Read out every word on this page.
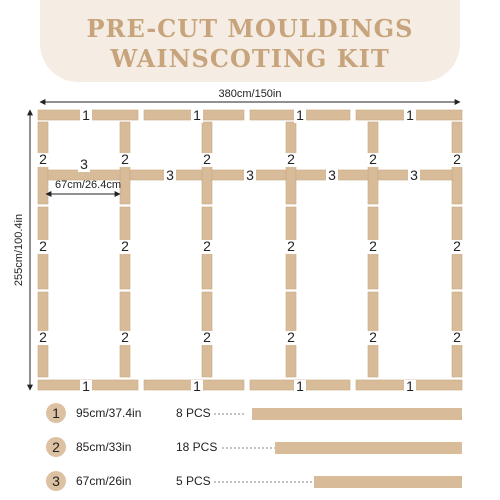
PRE-CUT MOULDINGS
WAINSCOTING KIT
380cm/150in
255cm/100.4in
67cm/26.4cm
1	1	1	1
1	1	1	1
2
2
2
2
2
2
2
2
2
2
2
2
2
2
2
2
2
2
3
3	3	3	3
1 95cm/37.4in	8 PCS
2 85cm/33in	18 PCS
3 67cm/26in	5 PCS
